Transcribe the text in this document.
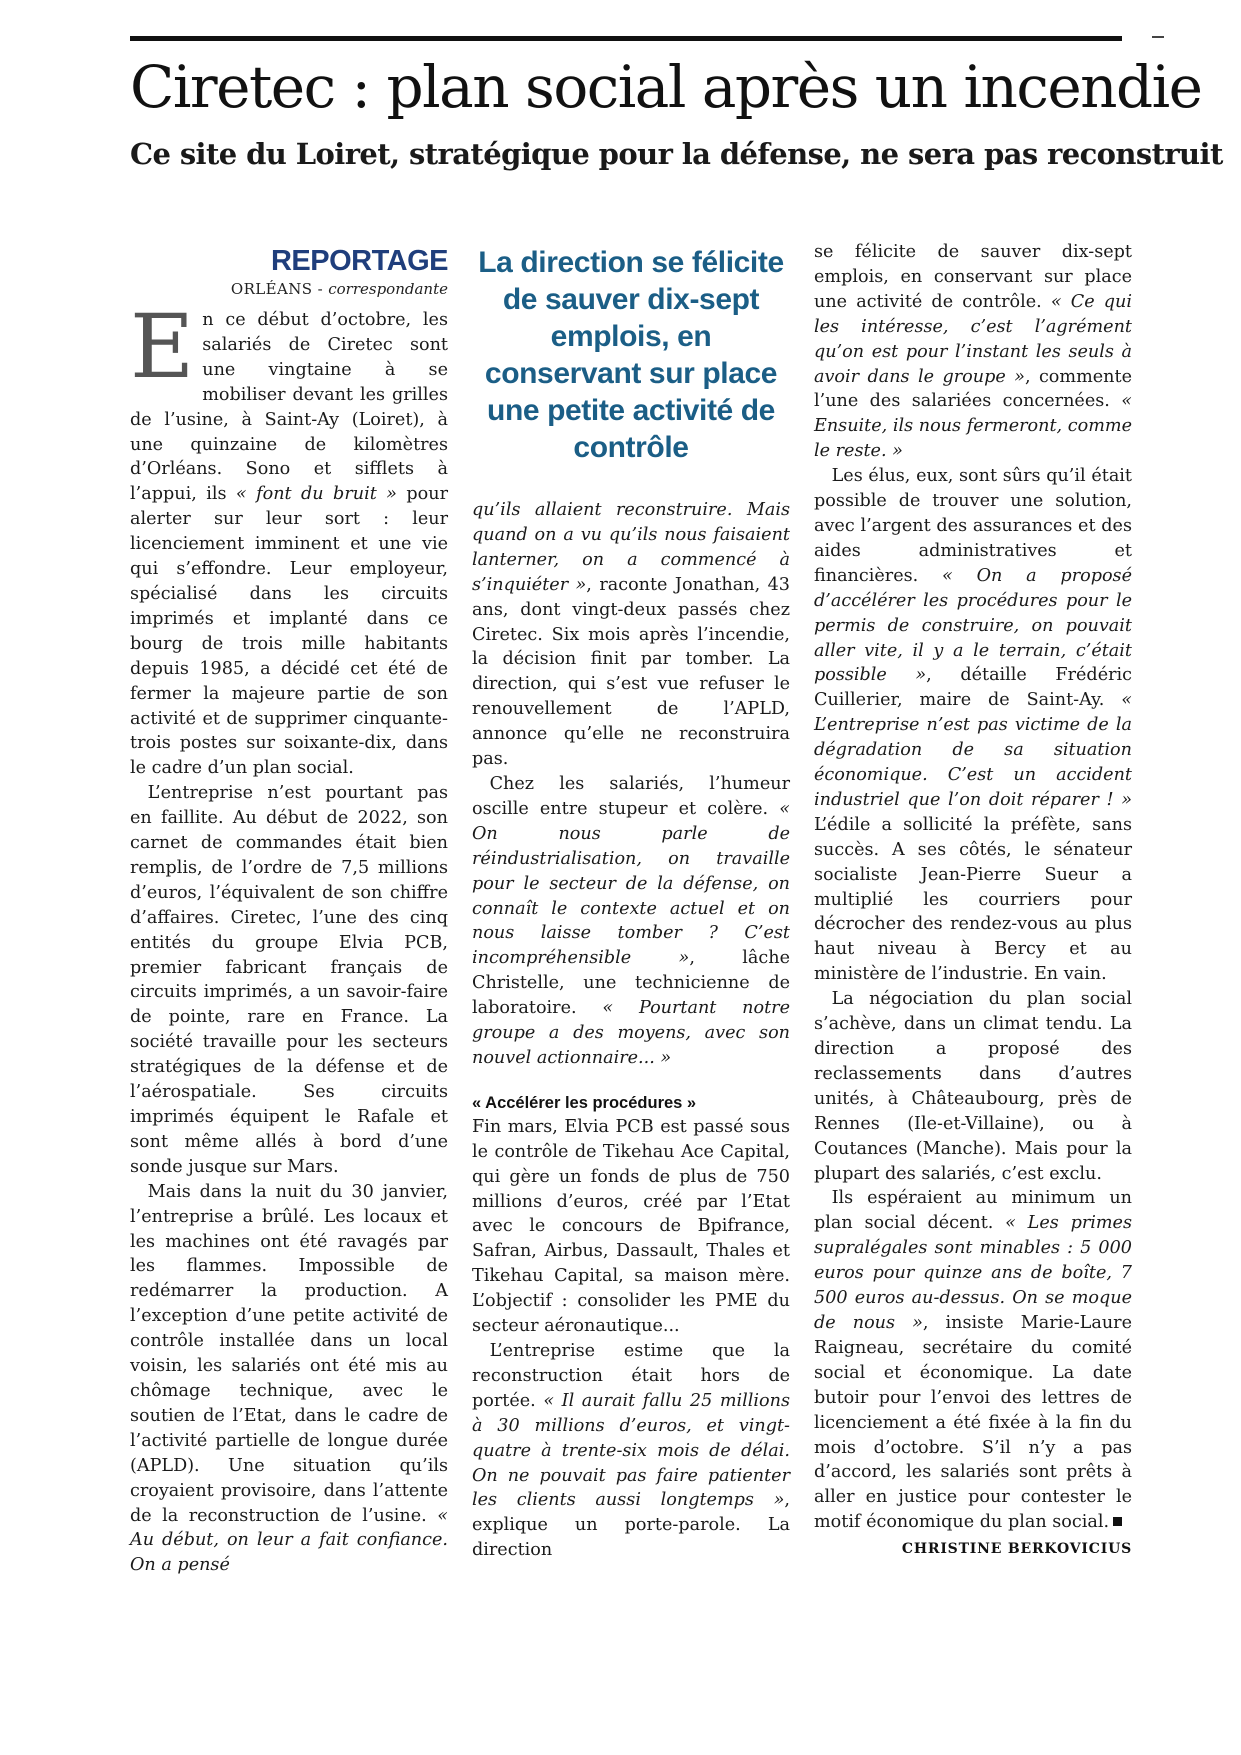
Ciretec : plan social après un incendie
Ce site du Loiret, stratégique pour la défense, ne sera pas reconstruit

REPORTAGE

ORLÉANS - correspondante

En ce début d’octobre, les salariés de Ciretec sont une vingtaine à se mobiliser devant les grilles de l’usine, à Saint-Ay (Loiret), à une quinzaine de kilomètres d’Orléans. Sono et sifflets à l’appui, ils « font du bruit » pour alerter sur leur sort : leur licenciement imminent et une vie qui s’effondre. Leur employeur, spécialisé dans les circuits imprimés et implanté dans ce bourg de trois mille habitants depuis 1985, a décidé cet été de fermer la majeure partie de son activité et de supprimer cinquante-trois postes sur soixante-dix, dans le cadre d’un plan social.

L’entreprise n’est pourtant pas en faillite. Au début de 2022, son carnet de commandes était bien remplis, de l’ordre de 7,5 millions d’euros, l’équivalent de son chiffre d’affaires. Ciretec, l’une des cinq entités du groupe Elvia PCB, premier fabricant français de circuits imprimés, a un savoir-faire de pointe, rare en France. La société travaille pour les secteurs stratégiques de la défense et de l’aérospatiale. Ses circuits imprimés équipent le Rafale et sont même allés à bord d’une sonde jusque sur Mars.

Mais dans la nuit du 30 janvier, l’entreprise a brûlé. Les locaux et les machines ont été ravagés par les flammes. Impossible de redémarrer la production. A l’exception d’une petite activité de contrôle installée dans un local voisin, les salariés ont été mis au chômage technique, avec le soutien de l’Etat, dans le cadre de l’activité partielle de longue durée (APLD). Une situation qu’ils croyaient provisoire, dans l’attente de la reconstruction de l’usine. « Au début, on leur a fait confiance. On a pensé

La direction se félicite de sauver dix-sept emplois, en conservant sur place une petite activité de contrôle

qu’ils allaient reconstruire. Mais quand on a vu qu’ils nous faisaient lanterner, on a commencé à s’inquiéter », raconte Jonathan, 43 ans, dont vingt-deux passés chez Ciretec. Six mois après l’incendie, la décision finit par tomber. La direction, qui s’est vue refuser le renouvellement de l’APLD, annonce qu’elle ne reconstruira pas.

Chez les salariés, l’humeur oscille entre stupeur et colère. « On nous parle de réindustrialisation, on travaille pour le secteur de la défense, on connaît le contexte actuel et on nous laisse tomber ? C’est incompréhensible », lâche Christelle, une technicienne de laboratoire. « Pourtant notre groupe a des moyens, avec son nouvel actionnaire... »

« Accélérer les procédures »

Fin mars, Elvia PCB est passé sous le contrôle de Tikehau Ace Capital, qui gère un fonds de plus de 750 millions d’euros, créé par l’Etat avec le concours de Bpifrance, Safran, Airbus, Dassault, Thales et Tikehau Capital, sa maison mère. L’objectif : consolider les PME du secteur aéronautique...

L’entreprise estime que la reconstruction était hors de portée. « Il aurait fallu 25 millions à 30 millions d’euros, et vingt-quatre à trente-six mois de délai. On ne pouvait pas faire patienter les clients aussi longtemps », explique un porte-parole. La direction

se félicite de sauver dix-sept emplois, en conservant sur place une activité de contrôle. « Ce qui les intéresse, c’est l’agrément qu’on est pour l’instant les seuls à avoir dans le groupe », commente l’une des salariées concernées. « Ensuite, ils nous fermeront, comme le reste. »

Les élus, eux, sont sûrs qu’il était possible de trouver une solution, avec l’argent des assurances et des aides administratives et financières. « On a proposé d’accélérer les procédures pour le permis de construire, on pouvait aller vite, il y a le terrain, c’était possible », détaille Frédéric Cuillerier, maire de Saint-Ay. « L’entreprise n’est pas victime de la dégradation de sa situation économique. C’est un accident industriel que l’on doit réparer ! » L’édile a sollicité la préfète, sans succès. A ses côtés, le sénateur socialiste Jean-Pierre Sueur a multiplié les courriers pour décrocher des rendez-vous au plus haut niveau à Bercy et au ministère de l’industrie. En vain.

La négociation du plan social s’achève, dans un climat tendu. La direction a proposé des reclassements dans d’autres unités, à Châteaubourg, près de Rennes (Ile-et-Villaine), ou à Coutances (Manche). Mais pour la plupart des salariés, c’est exclu.

Ils espéraient au minimum un plan social décent. « Les primes supralégales sont minables : 5 000 euros pour quinze ans de boîte, 7 500 euros au-dessus. On se moque de nous », insiste Marie-Laure Raigneau, secrétaire du comité social et économique. La date butoir pour l’envoi des lettres de licenciement a été fixée à la fin du mois d’octobre. S’il n’y a pas d’accord, les salariés sont prêts à aller en justice pour contester le motif économique du plan social.

CHRISTINE BERKOVICIUS
